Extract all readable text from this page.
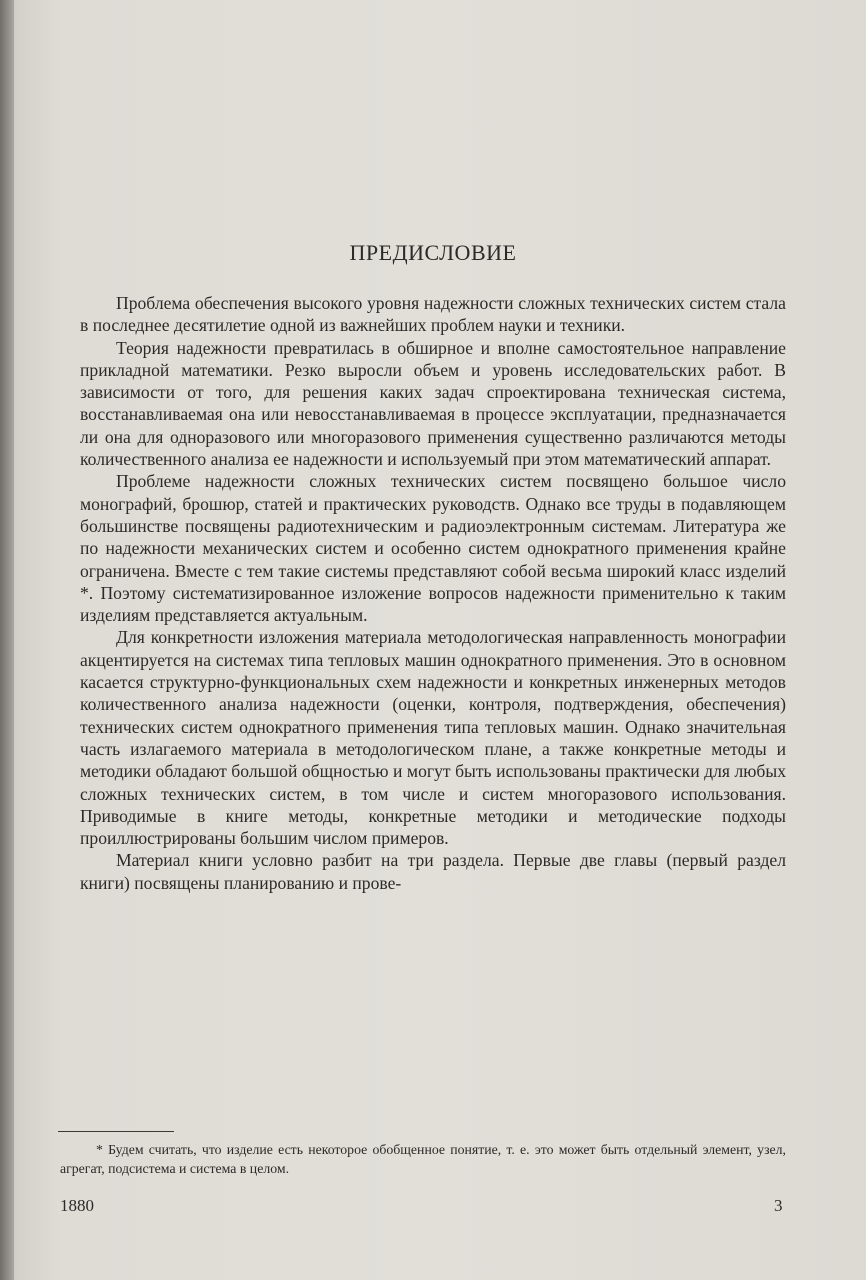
ПРЕДИСЛОВИЕ

Проблема обеспечения высокого уровня надежности сложных технических систем стала в последнее десятилетие одной из важнейших проблем науки и техники.

Теория надежности превратилась в обширное и вполне самостоятельное направление прикладной математики. Резко выросли объем и уровень исследовательских работ. В зависимости от того, для решения каких задач спроектирована техническая система, восстанавливаемая она или невосстанавливаемая в процессе эксплуатации, предназначается ли она для одноразового или многоразового применения существенно различаются методы количественного анализа ее надежности и используемый при этом математический аппарат.

Проблеме надежности сложных технических систем посвящено большое число монографий, брошюр, статей и практических руководств. Однако все труды в подавляющем большинстве посвящены радиотехническим и радиоэлектронным системам. Литература же по надежности механических систем и особенно систем однократного применения крайне ограничена. Вместе с тем такие системы представляют собой весьма широкий класс изделий *. Поэтому систематизированное изложение вопросов надежности применительно к таким изделиям представляется актуальным.

Для конкретности изложения материала методологическая направленность монографии акцентируется на системах типа тепловых машин однократного применения. Это в основном касается структурно-функциональных схем надежности и конкретных инженерных методов количественного анализа надежности (оценки, контроля, подтверждения, обеспечения) технических систем однократного применения типа тепловых машин. Однако значительная часть излагаемого материала в методологическом плане, а также конкретные методы и методики обладают большой общностью и могут быть использованы практически для любых сложных технических систем, в том числе и систем многоразового использования. Приводимые в книге методы, конкретные методики и методические подходы проиллюстрированы большим числом примеров.

Материал книги условно разбит на три раздела. Первые две главы (первый раздел книги) посвящены планированию и прове-

* Будем считать, что изделие есть некоторое обобщенное понятие, т. е. это может быть отдельный элемент, узел, агрегат, подсистема и система в целом.
1880	3
